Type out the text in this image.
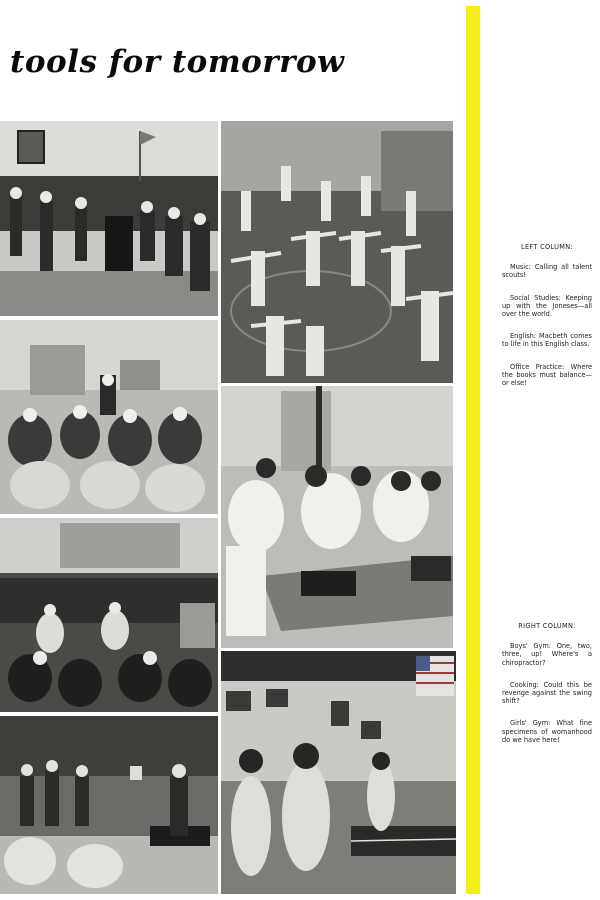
tools for tomorrow
LEFT COLUMN:
Music: Calling all talent scouts!
Social Studies: Keeping up with the Joneses—all over the world.
English: Macbeth comes to life in this English class.
Office Practice: Where the books must balance—or else!
RIGHT COLUMN:
Boys' Gym: One, two, three, up! Where's a chiropractor?
Cooking: Could this be revenge against the swing shift?
Girls' Gym: What fine specimens of womanhood do we have here!
